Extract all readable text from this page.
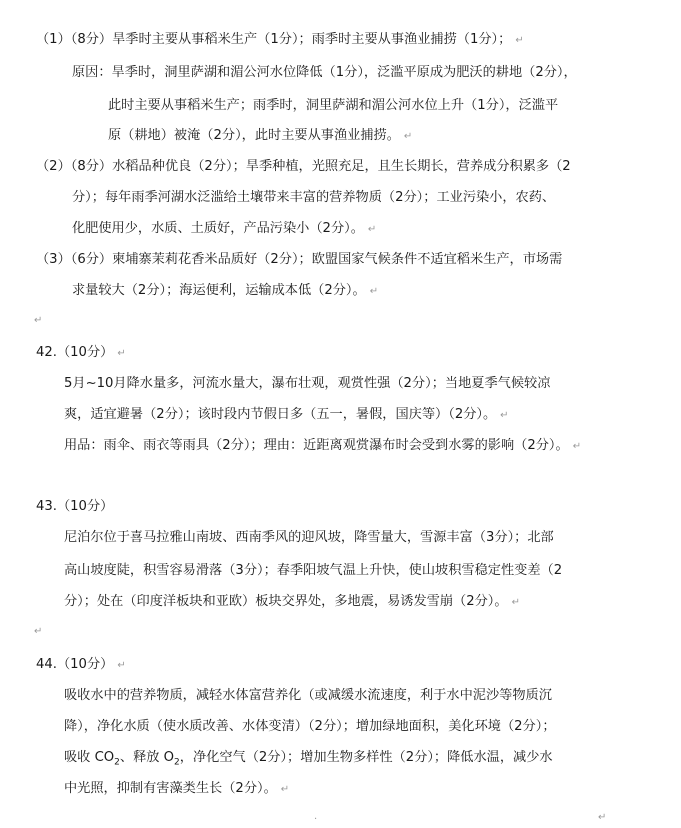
（1）（8分）旱季时主要从事稻米生产（1分）；雨季时主要从事渔业捕捞（1分）； ↵
原因：旱季时，洞里萨湖和湄公河水位降低（1分），泛滥平原成为肥沃的耕地（2分），
此时主要从事稻米生产；雨季时，洞里萨湖和湄公河水位上升（1分），泛滥平
原（耕地）被淹（2分），此时主要从事渔业捕捞。 ↵
（2）（8分）水稻品种优良（2分）；旱季种植，光照充足，且生长期长，营养成分积累多（2
分）；每年雨季河湖水泛滥给土壤带来丰富的营养物质（2分）；工业污染小，农药、
化肥使用少，水质、土质好，产品污染小（2分）。 ↵
（3）（6分）柬埔寨茉莉花香米品质好（2分）；欧盟国家气候条件不适宜稻米生产，市场需
求量较大（2分）；海运便利，运输成本低（2分）。 ↵
↵
42.（10分） ↵
5月~10月降水量多，河流水量大，瀑布壮观，观赏性强（2分）；当地夏季气候较凉
爽，适宜避暑（2分）；该时段内节假日多（五一，暑假，国庆等）（2分）。 ↵
用品：雨伞、雨衣等雨具（2分）；理由：近距离观赏瀑布时会受到水雾的影响（2分）。 ↵
43.（10分）
尼泊尔位于喜马拉雅山南坡、西南季风的迎风坡，降雪量大，雪源丰富（3分）；北部
高山坡度陡，积雪容易滑落（3分）；春季阳坡气温上升快，使山坡积雪稳定性变差（2
分）；处在（印度洋板块和亚欧）板块交界处，多地震，易诱发雪崩（2分）。 ↵
↵
44.（10分） ↵
吸收水中的营养物质，减轻水体富营养化（或减缓水流速度，利于水中泥沙等物质沉
降），净化水质（使水质改善、水体变清）（2分）；增加绿地面积，美化环境（2分）；
吸收 $CO_2$、释放 $O_2$，净化空气（2分）；增加生物多样性（2分）；降低水温，减少水
中光照，抑制有害藻类生长（2分）。 ↵
·	↵
